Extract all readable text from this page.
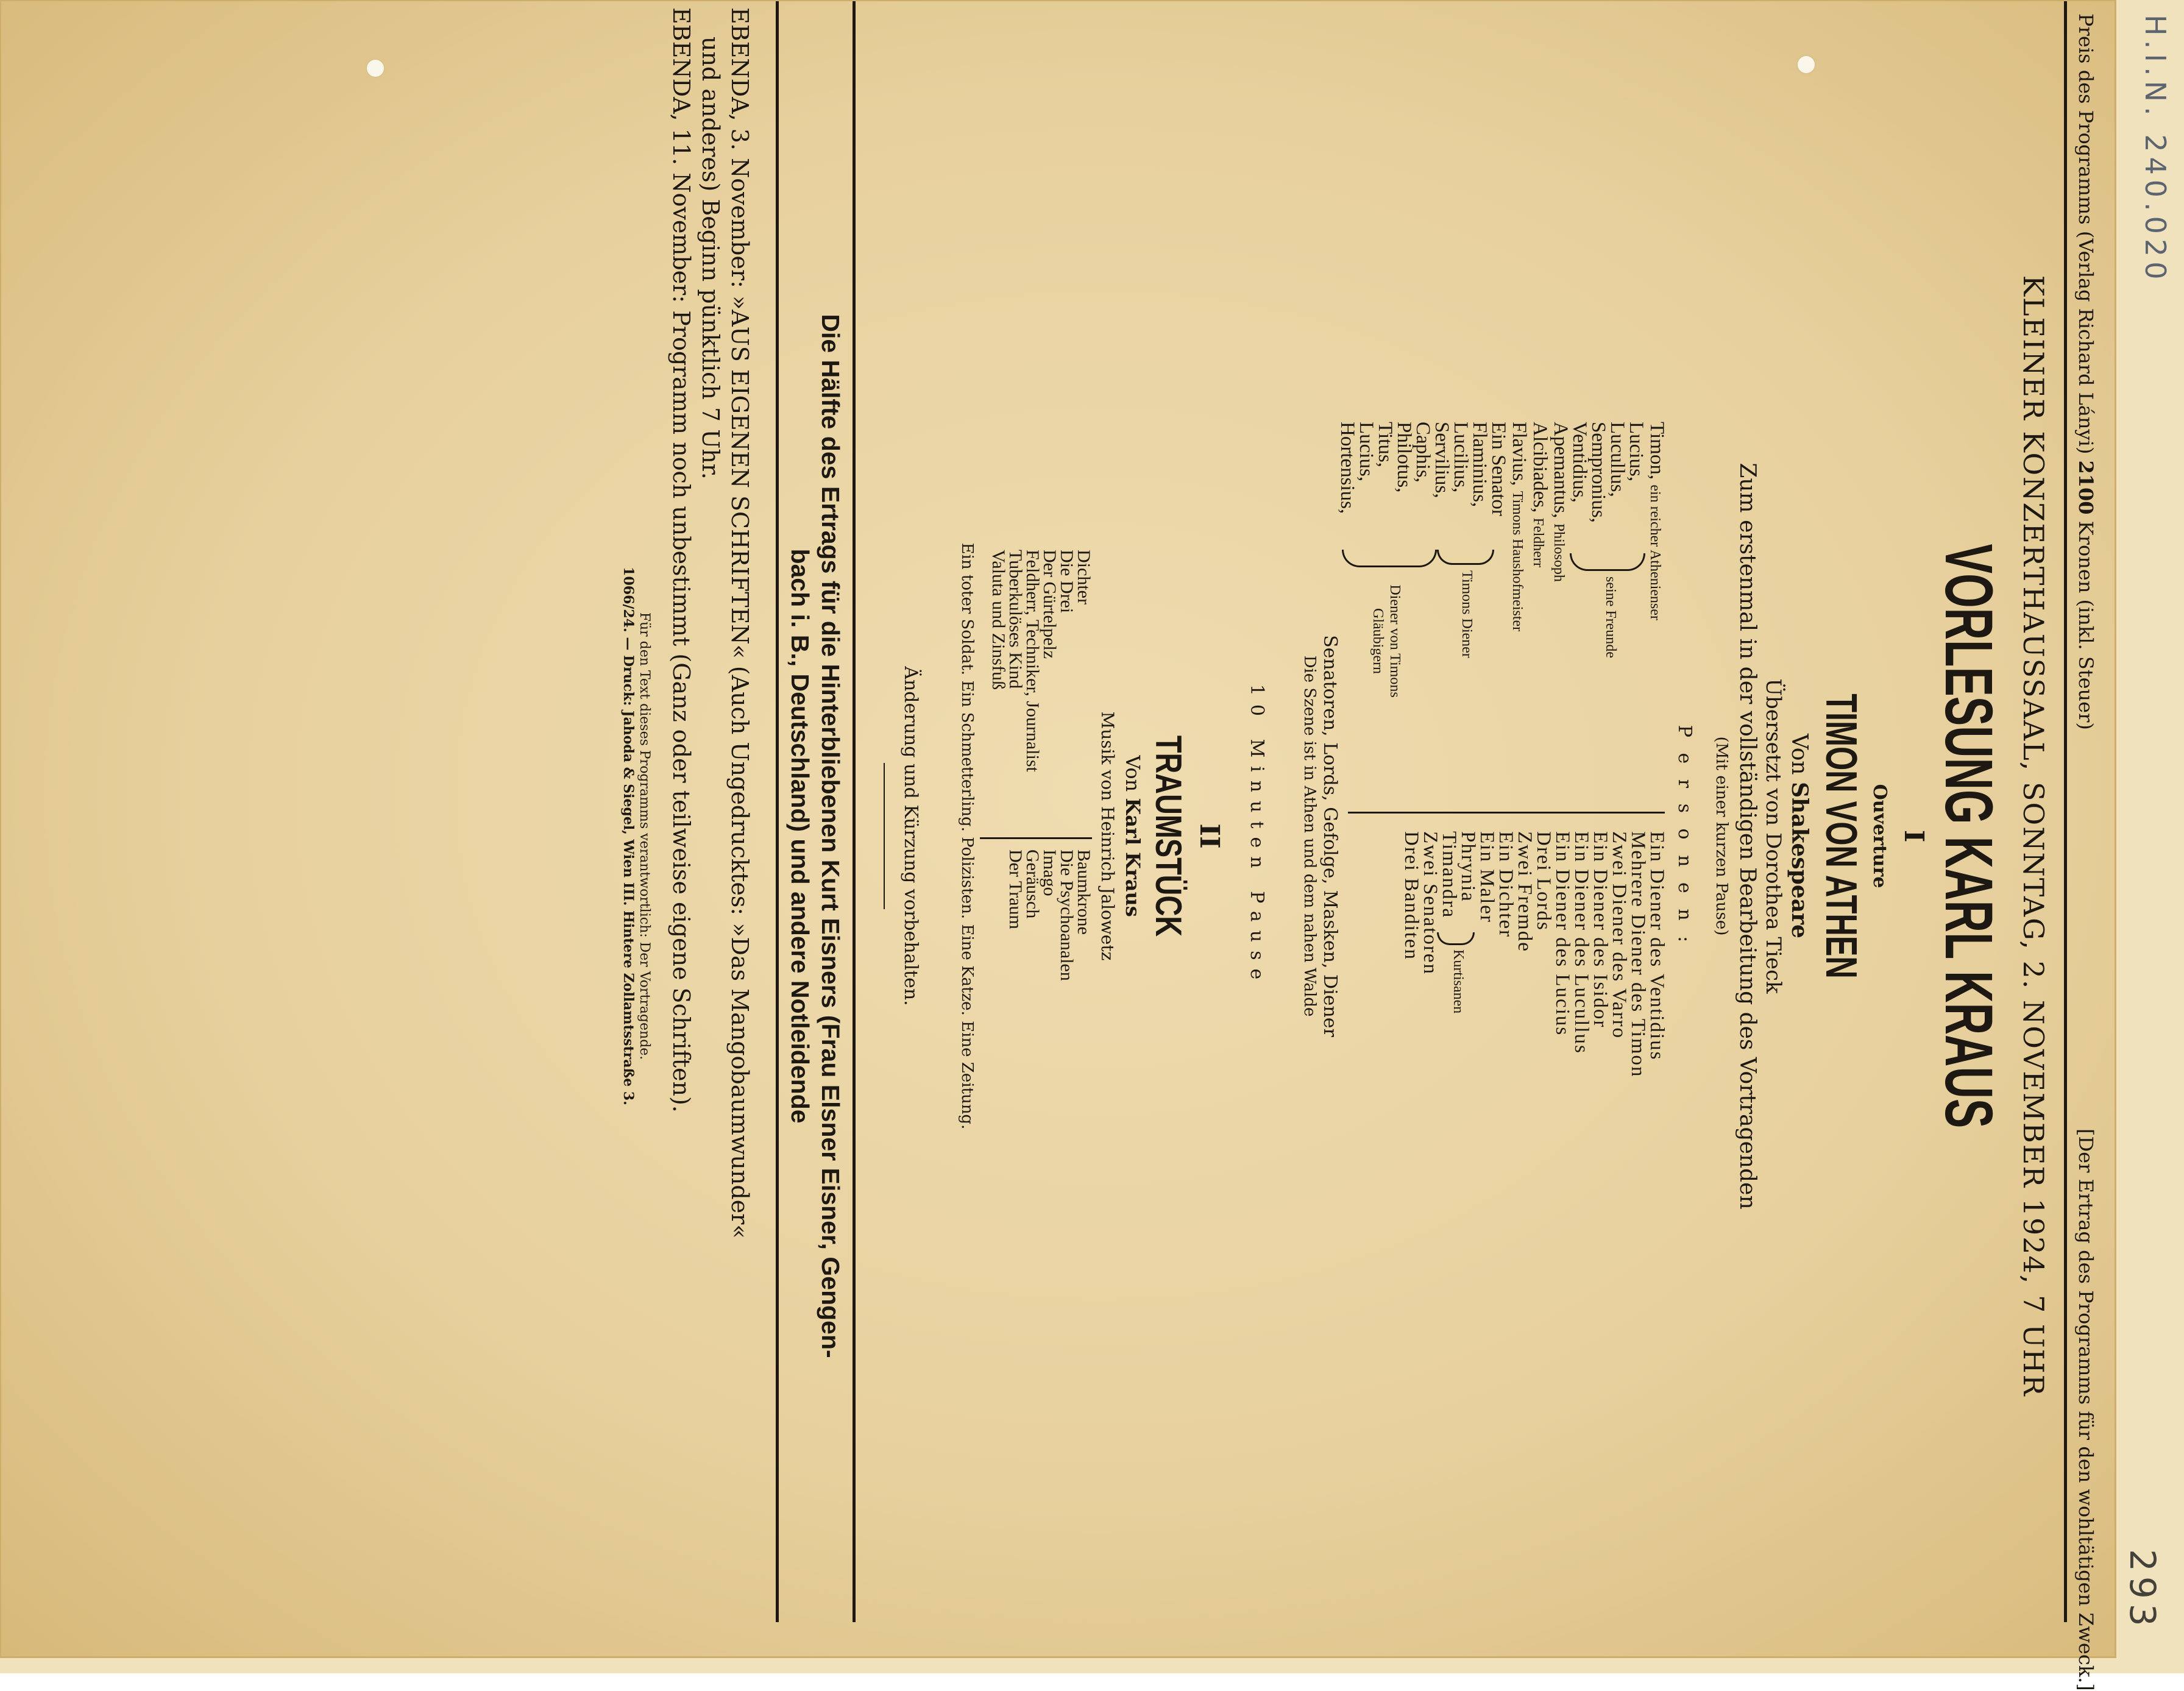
H.I.N. 240.020
293
Preis des Programms (Verlag Richard Lányi) 2100 Kronen (inkl. Steuer)
[Der Ertrag des Programms für den wohltätigen Zweck.]
KLEINER KONZERTHAUSSAAL, SONNTAG, 2. NOVEMBER 1924, 7 UHR
VORLESUNG KARL KRAUS
I
Ouverture
TIMON VON ATHEN
Von Shakespeare
Übersetzt von Dorothea Tieck
Zum erstenmal in der vollständigen Bearbeitung des Vortragenden
(Mit einer kurzen Pause)
P e r s o n e n :
Timon, ein reicher Athenienser
Lucius,
Lucullus,
Sempronius,
Ventidius,
Apemantus, Philosoph
Alcibiades, Feldherr
Flavius, Timons Haushofmeister
Ein Senator
Flaminius,
Lucilius,
Servilius,
Caphis,
Philotus,
Titus,
Lucius,
Hortensius,
seine Freunde
Timons Diener
Diener von Timons
Gläubigern
Ein Diener des Ventidius
Mehrere Diener des Timon
Zwei Diener des Varro
Ein Diener des Isidor
Ein Diener des Lucullus
Ein Diener des Lucius
Drei Lords
Zwei Fremde
Ein Dichter
Ein Maler
Phrynia
Timandra
Zwei Senatoren
Drei Banditen
Kurtisanen
Senatoren, Lords, Gefolge, Masken, Diener
Die Szene ist in Athen und dem nahen Walde
10 Minuten Pause
II
TRAUMSTÜCK
Von Karl Kraus
Musik von Heinrich Jalowetz
Dichter
Die Drei
Der Gürtelpelz
Feldherr, Techniker, Journalist
Tuberkulöses Kind
Valuta und Zinsfuß
Baumkrone
Die Psychoanalen
Imago
Geräusch
Der Traum
Ein toter Soldat. Ein Schmetterling. Polizisten. Eine Katze. Eine Zeitung.
Änderung und Kürzung vorbehalten.
Die Hälfte des Ertrags für die Hinterbliebenen Kurt Eisners (Frau Elsner Eisner, Gengen-
bach i. B., Deutschland) und andere Notleidende
EBENDA, 3. November: »AUS EIGENEN SCHRIFTEN« (Auch Ungedrucktes: »Das Mangobaumwunder«
und anderes) Beginn pünktlich 7 Uhr.
EBENDA, 11. November: Programm noch unbestimmt (Ganz oder teilweise eigene Schriften).
Für den Text dieses Programms verantwortlich: Der Vortragende.
1066/24. — Druck: Jahoda & Siegel, Wien III. Hintere Zollamtsstraße 3.
